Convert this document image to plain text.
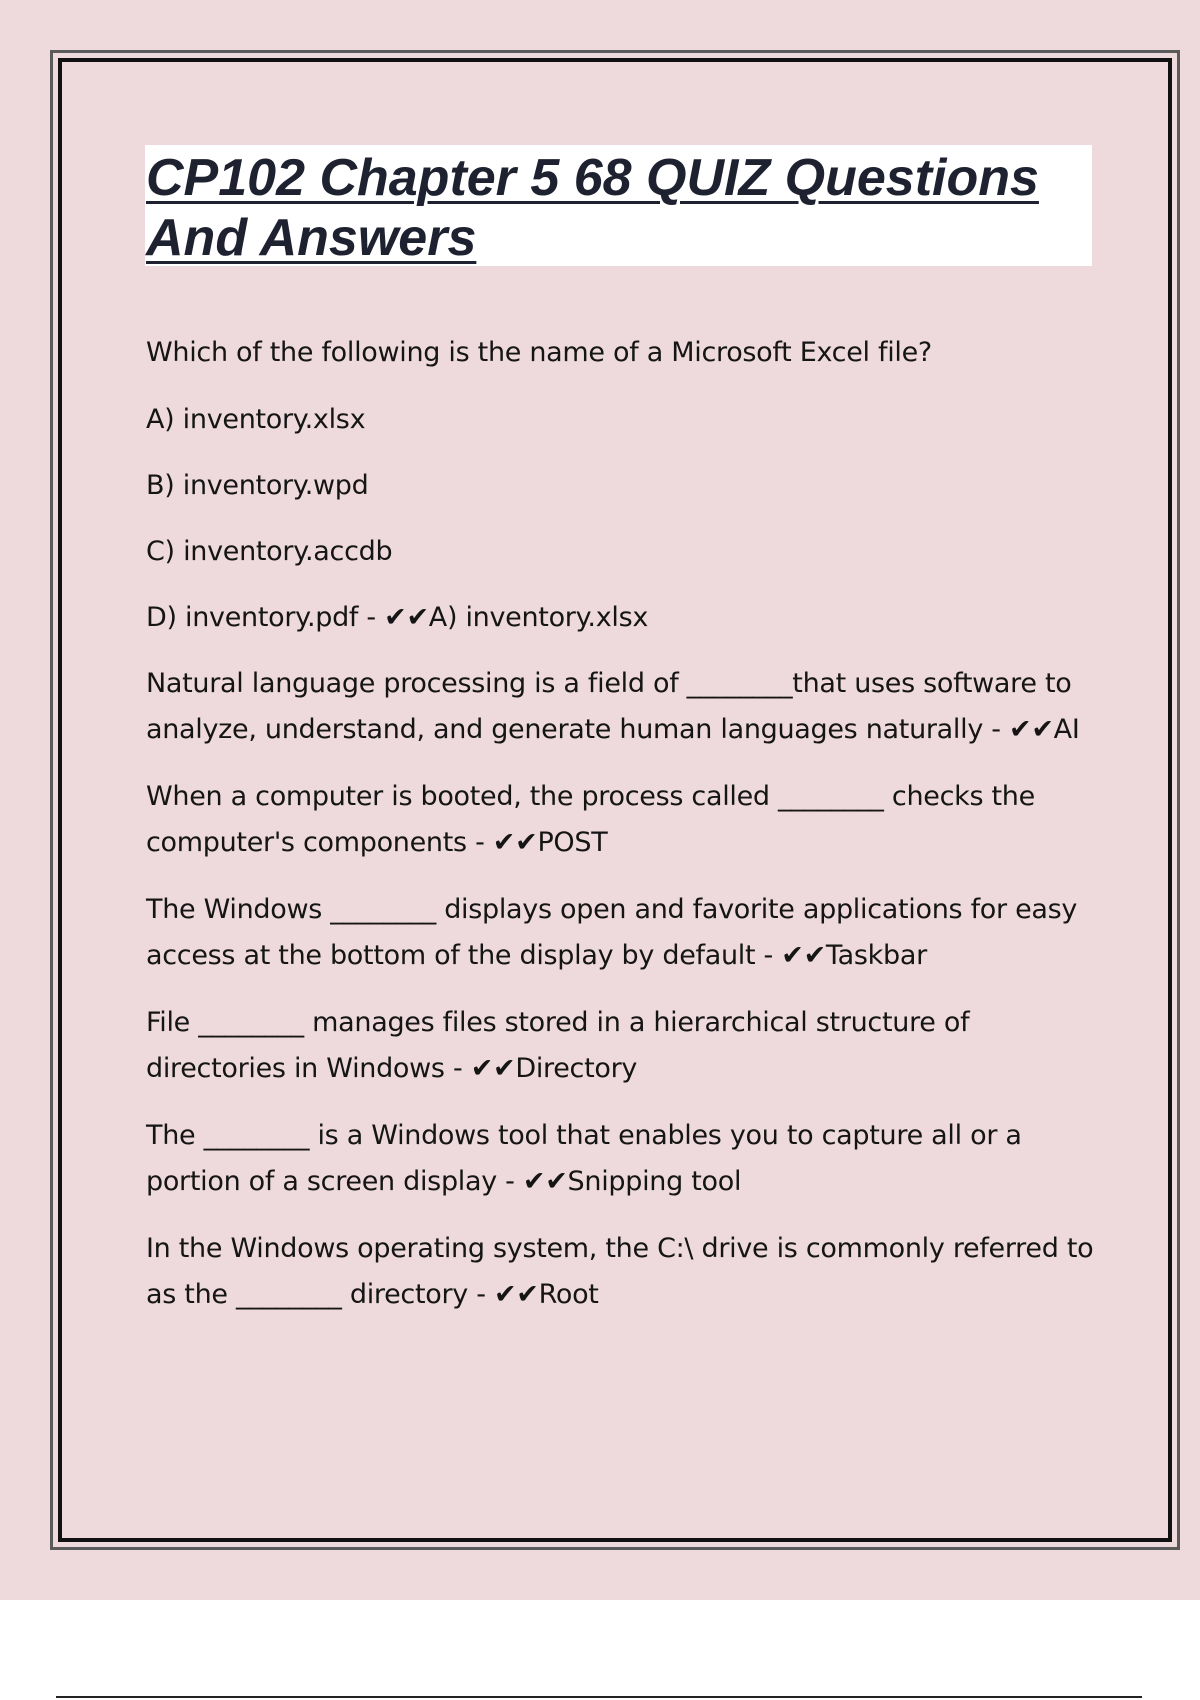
CP102 Chapter 5 68 QUIZ Questions And Answers

Which of the following is the name of a Microsoft Excel file?

A) inventory.xlsx

B) inventory.wpd

C) inventory.accdb

D) inventory.pdf - ✔✔A) inventory.xlsx

Natural language processing is a field of ________that uses software to analyze, understand, and generate human languages naturally - ✔✔AI

When a computer is booted, the process called ________ checks the computer's components - ✔✔POST

The Windows ________ displays open and favorite applications for easy access at the bottom of the display by default - ✔✔Taskbar

File ________ manages files stored in a hierarchical structure of directories in Windows - ✔✔Directory

The ________ is a Windows tool that enables you to capture all or a portion of a screen display - ✔✔Snipping tool

In the Windows operating system, the C:\ drive is commonly referred to as the ________ directory - ✔✔Root
